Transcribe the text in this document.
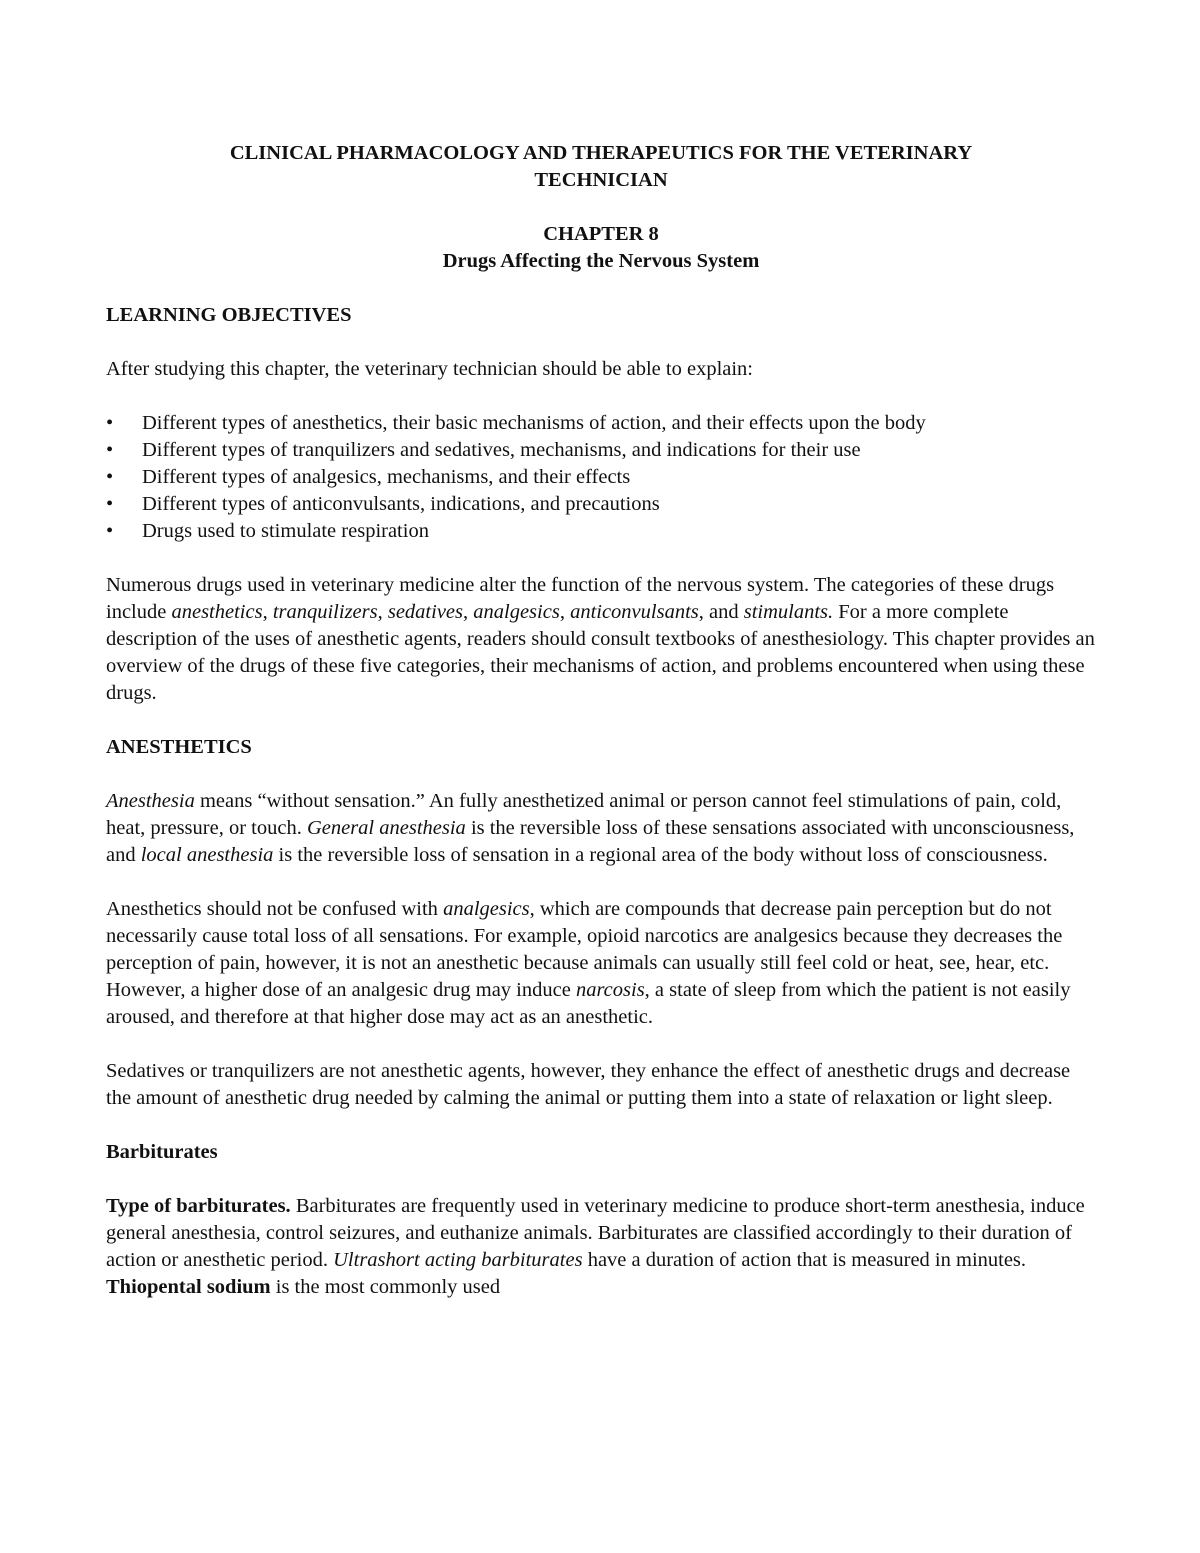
CLINICAL PHARMACOLOGY AND THERAPEUTICS FOR THE VETERINARY
TECHNICIAN
CHAPTER 8
Drugs Affecting the Nervous System
LEARNING OBJECTIVES

After studying this chapter, the veterinary technician should be able to explain:

•	Different types of anesthetics, their basic mechanisms of action, and their effects upon the body
•	Different types of tranquilizers and sedatives, mechanisms, and indications for their use
•	Different types of analgesics, mechanisms, and their effects
•	Different types of anticonvulsants, indications, and precautions
•	Drugs used to stimulate respiration

Numerous drugs used in veterinary medicine alter the function of the nervous system. The categories of these drugs include anesthetics, tranquilizers, sedatives, analgesics, anticonvulsants, and stimulants. For a more complete description of the uses of anesthetic agents, readers should consult textbooks of anesthesiology. This chapter provides an overview of the drugs of these five categories, their mechanisms of action, and problems encountered when using these drugs.

ANESTHETICS

Anesthesia means “without sensation.” An fully anesthetized animal or person cannot feel stimulations of pain, cold, heat, pressure, or touch. General anesthesia is the reversible loss of these sensations associated with unconsciousness, and local anesthesia is the reversible loss of sensation in a regional area of the body without loss of consciousness.

Anesthetics should not be confused with analgesics, which are compounds that decrease pain perception but do not necessarily cause total loss of all sensations. For example, opioid narcotics are analgesics because they decreases the perception of pain, however, it is not an anesthetic because animals can usually still feel cold or heat, see, hear, etc. However, a higher dose of an analgesic drug may induce narcosis, a state of sleep from which the patient is not easily aroused, and therefore at that higher dose may act as an anesthetic.

Sedatives or tranquilizers are not anesthetic agents, however, they enhance the effect of anesthetic drugs and decrease the amount of anesthetic drug needed by calming the animal or putting them into a state of relaxation or light sleep.

Barbiturates

Type of barbiturates. Barbiturates are frequently used in veterinary medicine to produce short-term anesthesia, induce general anesthesia, control seizures, and euthanize animals. Barbiturates are classified accordingly to their duration of action or anesthetic period. Ultrashort acting barbiturates have a duration of action that is measured in minutes. Thiopental sodium is the most commonly used
